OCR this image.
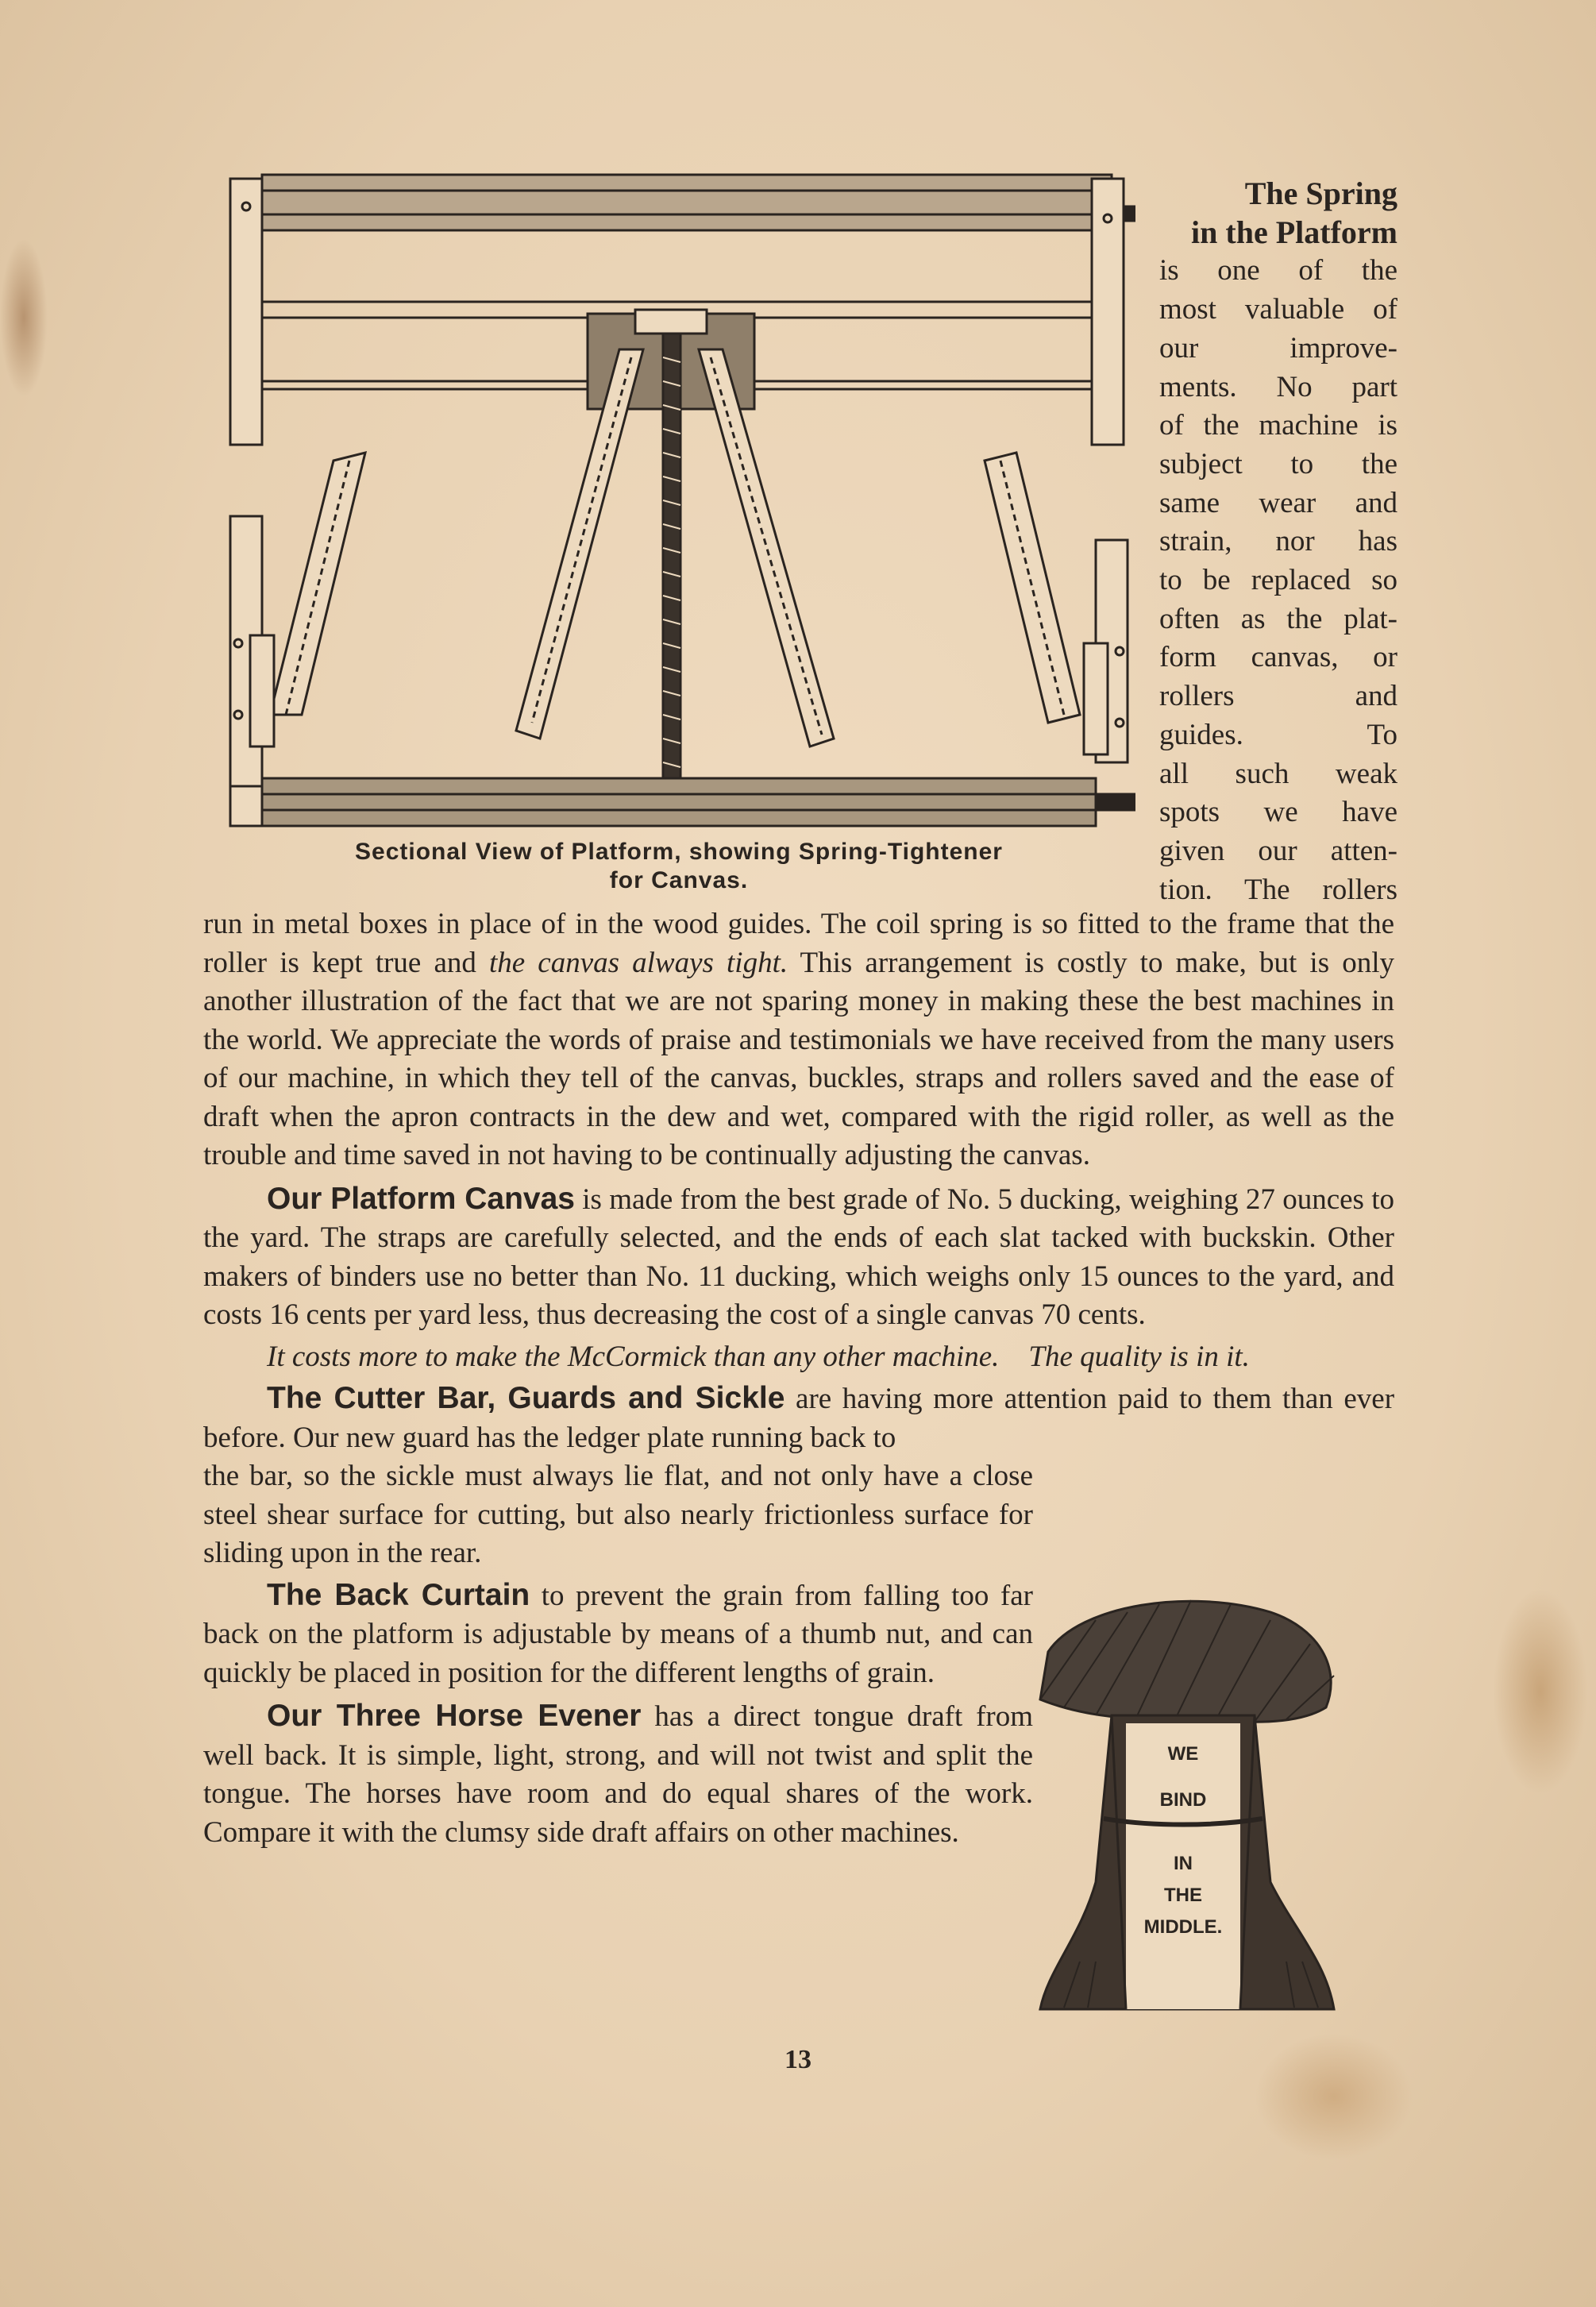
Sectional View of Platform, showing Spring-Tightener
for Canvas.
The Spring
in the Platform
is one of the
most valuable of
our improve-
ments. No part
of the machine is
subject to the
same wear and
strain, nor has
to be replaced so
often as the plat-
form canvas, or
rollers and
guides. To
all such weak
spots we have
given our atten-
tion. The rollers

run in metal boxes in place of in the wood guides. The coil spring is so fitted to the frame that the roller is kept true and the canvas always tight. This arrangement is costly to make, but is only another illustration of the fact that we are not sparing money in making these the best machines in the world. We appreciate the words of praise and testimonials we have received from the many users of our machine, in which they tell of the canvas, buckles, straps and rollers saved and the ease of draft when the apron contracts in the dew and wet, compared with the rigid roller, as well as the trouble and time saved in not having to be continually adjusting the canvas.

Our Platform Canvas is made from the best grade of No. 5 ducking, weighing 27 ounces to the yard. The straps are carefully selected, and the ends of each slat tacked with buckskin. Other makers of binders use no better than No. 11 ducking, which weighs only 15 ounces to the yard, and costs 16 cents per yard less, thus decreasing the cost of a single canvas 70 cents.

It costs more to make the McCormick than any other machine. The quality is in it.

The Cutter Bar, Guards and Sickle are having more attention paid to them than ever before. Our new guard has the ledger plate running back to

the bar, so the sickle must always lie flat, and not only have a close steel shear surface for cutting, but also nearly frictionless surface for sliding upon in the rear.

The Back Curtain to prevent the grain from falling too far back on the platform is adjustable by means of a thumb nut, and can quickly be placed in position for the different lengths of grain.

Our Three Horse Evener has a direct tongue draft from well back. It is simple, light, strong, and will not twist and split the tongue. The horses have room and do equal shares of the work. Compare it with the clumsy side draft affairs on other machines.

WE
BIND
IN
THE
MIDDLE.
13
